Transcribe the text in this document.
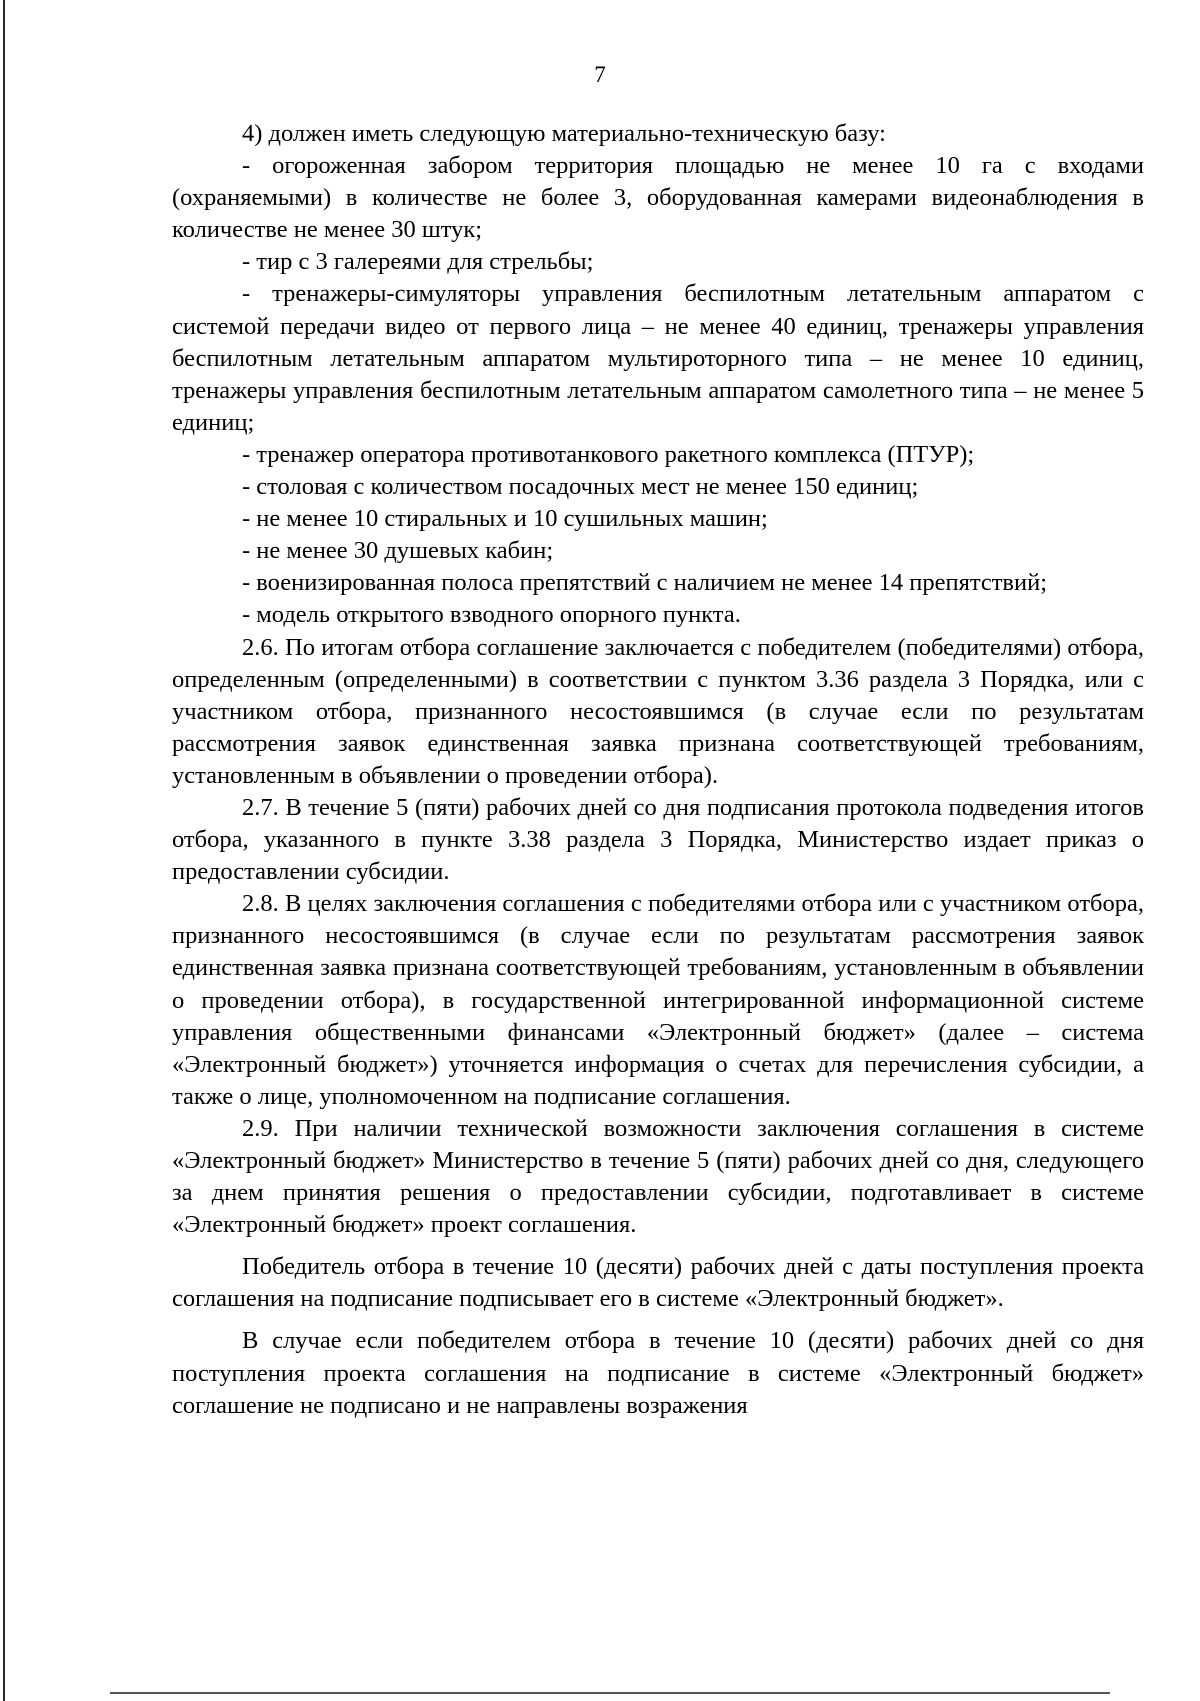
7

4) должен иметь следующую материально-техническую базу:

- огороженная забором территория площадью не менее 10 га с входами (охраняемыми) в количестве не более 3, оборудованная камерами видеонаблюдения в количестве не менее 30 штук;

- тир с 3 галереями для стрельбы;

- тренажеры-симуляторы управления беспилотным летательным аппаратом с системой передачи видео от первого лица – не менее 40 единиц, тренажеры управления беспилотным летательным аппаратом мультироторного типа – не менее 10 единиц, тренажеры управления беспилотным летательным аппаратом самолетного типа – не менее 5 единиц;

- тренажер оператора противотанкового ракетного комплекса (ПТУР);

- столовая с количеством посадочных мест не менее 150 единиц;

- не менее 10 стиральных и 10 сушильных машин;

- не менее 30 душевых кабин;

- военизированная полоса препятствий с наличием не менее 14 препятствий;

- модель открытого взводного опорного пункта.

2.6. По итогам отбора соглашение заключается с победителем (победителями) отбора, определенным (определенными) в соответствии с пунктом 3.36 раздела 3 Порядка, или с участником отбора, признанного несостоявшимся (в случае если по результатам рассмотрения заявок единственная заявка признана соответствующей требованиям, установленным в объявлении о проведении отбора).

2.7. В течение 5 (пяти) рабочих дней со дня подписания протокола подведения итогов отбора, указанного в пункте 3.38 раздела 3 Порядка, Министерство издает приказ о предоставлении субсидии.

2.8. В целях заключения соглашения с победителями отбора или с участником отбора, признанного несостоявшимся (в случае если по результатам рассмотрения заявок единственная заявка признана соответствующей требованиям, установленным в объявлении о проведении отбора), в государственной интегрированной информационной системе управления общественными финансами «Электронный бюджет» (далее – система «Электронный бюджет») уточняется информация о счетах для перечисления субсидии, а также о лице, уполномоченном на подписание соглашения.

2.9. При наличии технической возможности заключения соглашения в системе «Электронный бюджет» Министерство в течение 5 (пяти) рабочих дней со дня, следующего за днем принятия решения о предоставлении субсидии, подготавливает в системе «Электронный бюджет» проект соглашения.

Победитель отбора в течение 10 (десяти) рабочих дней с даты поступления проекта соглашения на подписание подписывает его в системе «Электронный бюджет».

В случае если победителем отбора в течение 10 (десяти) рабочих дней со дня поступления проекта соглашения на подписание в системе «Электронный бюджет» соглашение не подписано и не направлены возражения
